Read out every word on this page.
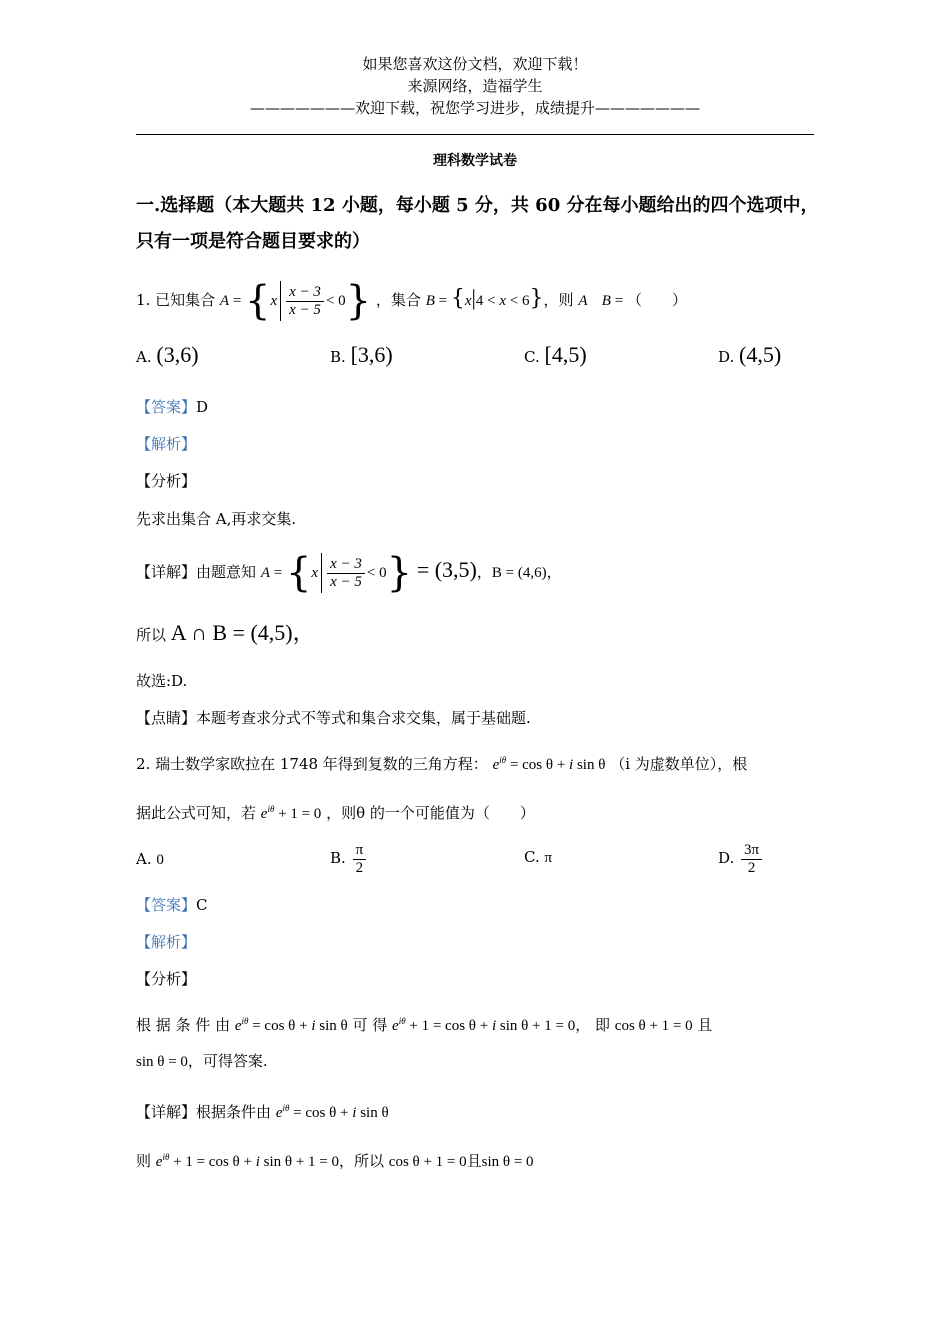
如果您喜欢这份文档，欢迎下载！
来源网络，造福学生
———————欢迎下载，祝您学习进步，成绩提升———————
理科数学试卷
一.选择题（本大题共 12 小题，每小题 5 分，共 60 分在每小题给出的四个选项中，
只有一项是符合题目要求的）
1. 已知集合 $A = \{x \frac{x - 3}{x - 5} < 0\}$ ，集合 B = {x|4 < x < 6}，则 A B = （　　）
A. (3,6)	B. [3,6)	C. [4,5)	D. (4,5)
【答案】D
【解析】
【分析】
先求出集合 A,再求交集.
【详解】由题意知 $A = \{x \frac{x - 3}{x - 5} < 0\} = (3,5)$，B = (4,6)，
所以 A ∩ B = (4,5)，
故选:D.
【点睛】本题考查求分式不等式和集合求交集，属于基础题.
2. 瑞士数学家欧拉在 1748 年得到复数的三角方程： $e^{i\theta} = \cos \theta + i$ sin θ （i 为虚数单位），根
据此公式可知，若 $e^{i\theta} + 1 = 0$ ，则θ 的一个可能值为（　　）
A. 0	B. $\frac{\pi}{2}$	C. π	D. $\frac{3\pi}{2}$
【答案】C
【解析】
【分析】
根 据 条 件 由 $e^{i\theta} = \cos \theta + i$ sin θ 可 得 $e^{i\theta} + 1 = \cos \theta + i$ sin θ + 1 = 0， 即 cos θ + 1 = 0 且
sin θ = 0，可得答案.
【详解】根据条件由 $e^{i\theta} = \cos \theta + i$ sin θ
则 $e^{i\theta} + 1 = \cos \theta + i$ sin θ + 1 = 0，所以 cos θ + 1 = 0且sin θ = 0
